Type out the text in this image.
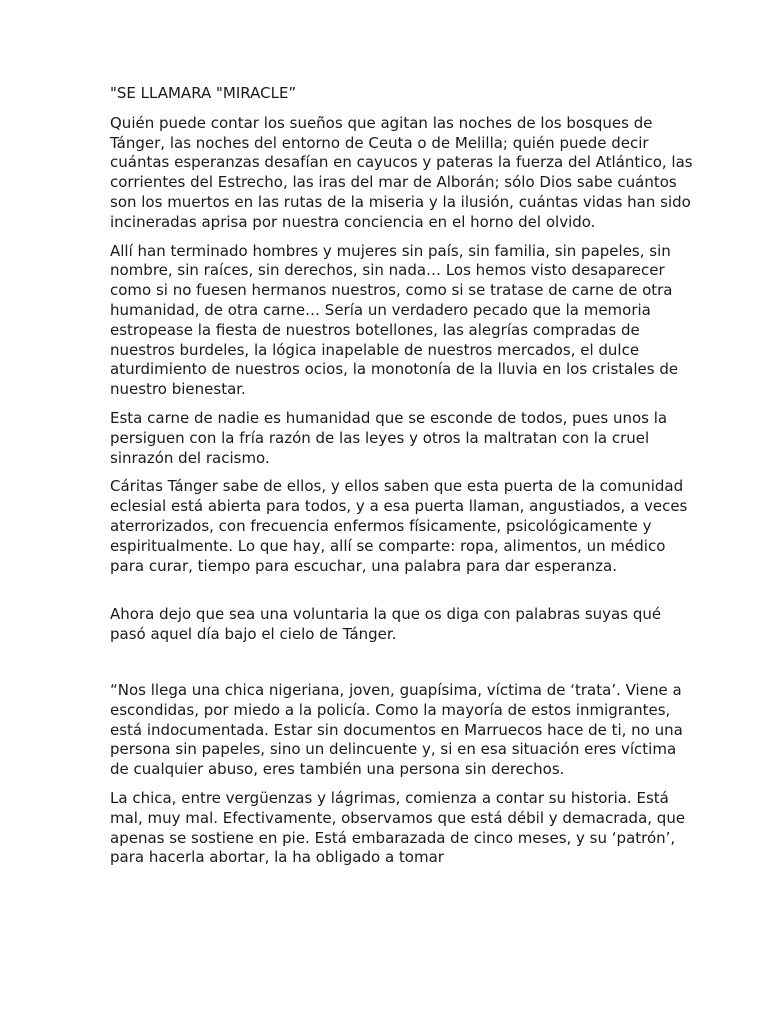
"SE LLAMARA "MIRACLE”

Quién puede contar los sueños que agitan las noches de los bosques de Tánger, las noches del entorno de Ceuta o de Melilla; quién puede decir cuántas esperanzas desafían en cayucos y pateras la fuerza del Atlántico, las corrientes del Estrecho, las iras del mar de Alborán; sólo Dios sabe cuántos son los muertos en las rutas de la miseria y la ilusión, cuántas vidas han sido incineradas aprisa por nuestra conciencia en el horno del olvido.

Allí han terminado hombres y mujeres sin país, sin familia, sin papeles, sin nombre, sin raíces, sin derechos, sin nada… Los hemos visto desaparecer como si no fuesen hermanos nuestros, como si se tratase de carne de otra humanidad, de otra carne… Sería un verdadero pecado que la memoria estropease la fiesta de nuestros botellones, las alegrías compradas de nuestros burdeles, la lógica inapelable de nuestros mercados, el dulce aturdimiento de nuestros ocios, la monotonía de la lluvia en los cristales de nuestro bienestar.

Esta carne de nadie es humanidad que se esconde de todos, pues unos la persiguen con la fría razón de las leyes y otros la maltratan con la cruel sinrazón del racismo.

Cáritas Tánger sabe de ellos, y ellos saben que esta puerta de la comunidad eclesial está abierta para todos, y a esa puerta llaman, angustiados, a veces aterrorizados, con frecuencia enfermos físicamente, psicológicamente y espiritualmente. Lo que hay, allí se comparte: ropa, alimentos, un médico para curar, tiempo para escuchar, una palabra para dar esperanza.

Ahora dejo que sea una voluntaria la que os diga con palabras suyas qué pasó aquel día bajo el cielo de Tánger.

“Nos llega una chica nigeriana, joven, guapísima, víctima de ‘trata’. Viene a escondidas, por miedo a la policía. Como la mayoría de estos inmigrantes, está indocumentada. Estar sin documentos en Marruecos hace de ti, no una persona sin papeles, sino un delincuente y, si en esa situación eres víctima de cualquier abuso, eres también una persona sin derechos.

La chica, entre vergüenzas y lágrimas, comienza a contar su historia. Está mal, muy mal. Efectivamente, observamos que está débil y demacrada, que apenas se sostiene en pie. Está embarazada de cinco meses, y su ‘patrón’, para hacerla abortar, la ha obligado a tomar
